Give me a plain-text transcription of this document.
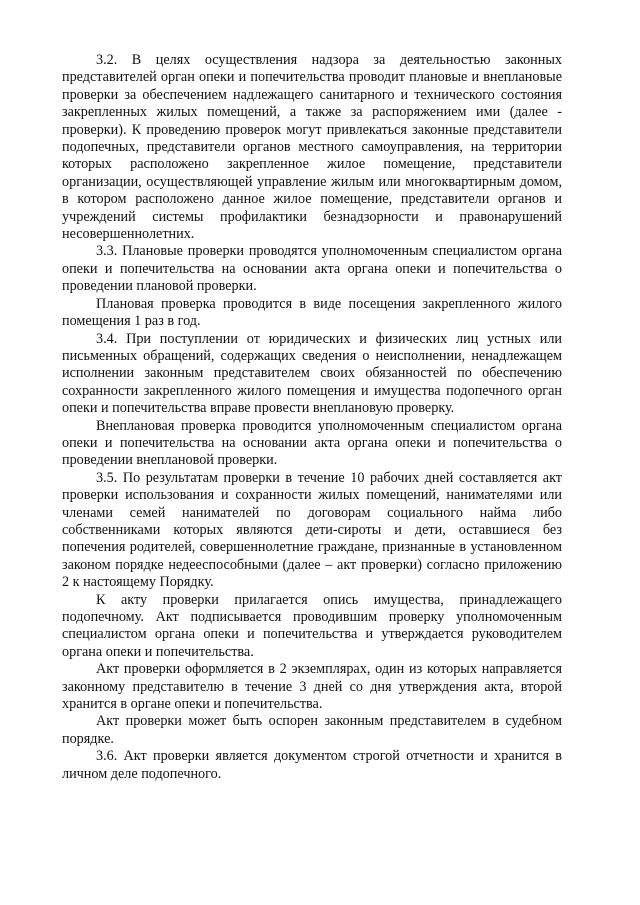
3.2. В целях осуществления надзора за деятельностью законных представителей орган опеки и попечительства проводит плановые и внеплановые проверки за обеспечением надлежащего санитарного и технического состояния закрепленных жилых помещений, а также за распоряжением ими (далее - проверки). К проведению проверок могут привлекаться законные представители подопечных, представители органов местного самоуправления, на территории которых расположено закрепленное жилое помещение, представители организации, осуществляющей управление жилым или многоквартирным домом, в котором расположено данное жилое помещение, представители органов и учреждений системы профилактики безнадзорности и правонарушений несовершеннолетних.

3.3. Плановые проверки проводятся уполномоченным специалистом органа опеки и попечительства на основании акта органа опеки и попечительства о проведении плановой проверки.

Плановая проверка проводится в виде посещения закрепленного жилого помещения 1 раз в год.

3.4. При поступлении от юридических и физических лиц устных или письменных обращений, содержащих сведения о неисполнении, ненадлежащем исполнении законным представителем своих обязанностей по обеспечению сохранности закрепленного жилого помещения и имущества подопечного орган опеки и попечительства вправе провести внеплановую проверку.

Внеплановая проверка проводится уполномоченным специалистом органа опеки и попечительства на основании акта органа опеки и попечительства о проведении внеплановой проверки.

3.5. По результатам проверки в течение 10 рабочих дней составляется акт проверки использования и сохранности жилых помещений, нанимателями или членами семей нанимателей по договорам социального найма либо собственниками которых являются дети-сироты и дети, оставшиеся без попечения родителей, совершеннолетние граждане, признанные в установленном законом порядке недееспособными (далее – акт проверки) согласно приложению 2 к настоящему Порядку.

К акту проверки прилагается опись имущества, принадлежащего подопечному. Акт подписывается проводившим проверку уполномоченным специалистом органа опеки и попечительства и утверждается руководителем органа опеки и попечительства.

Акт проверки оформляется в 2 экземплярах, один из которых направляется законному представителю в течение 3 дней со дня утверждения акта, второй хранится в органе опеки и попечительства.

Акт проверки может быть оспорен законным представителем в судебном порядке.

3.6. Акт проверки является документом строгой отчетности и хранится в личном деле подопечного.
